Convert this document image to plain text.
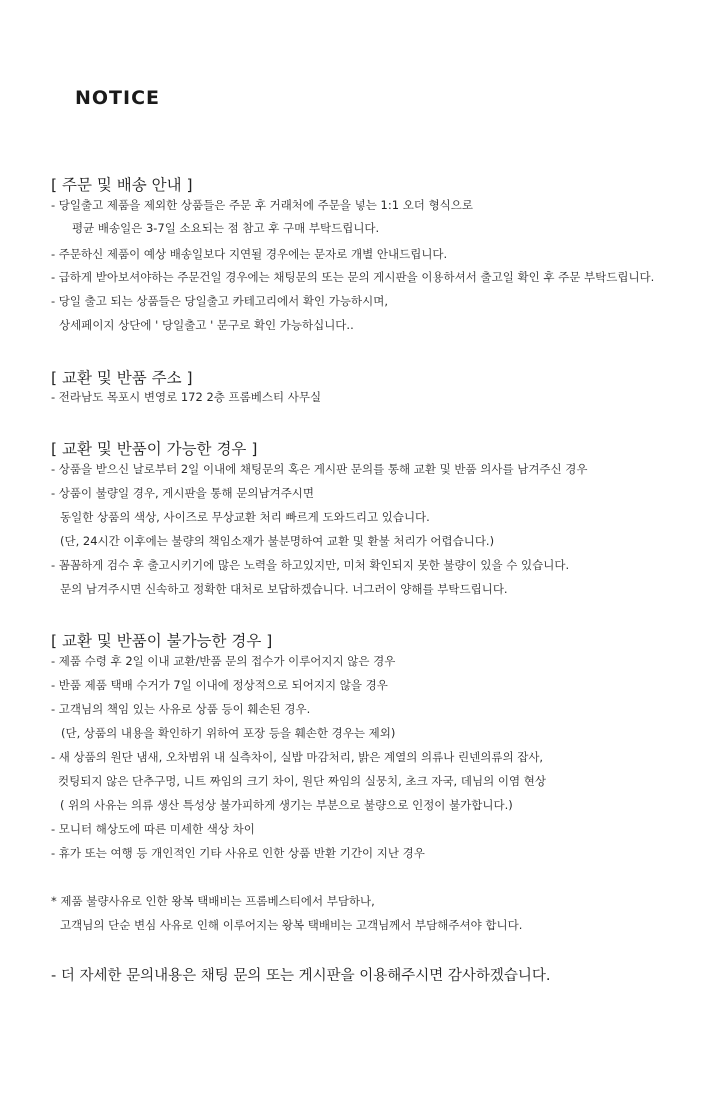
NOTICE
[ 주문 및 배송 안내 ]
- 당일출고 제품을 제외한 상품들은 주문 후 거래처에 주문을 넣는 1:1 오더 형식으로
평균 배송일은 3-7일 소요되는 점 참고 후 구매 부탁드립니다.
- 주문하신 제품이 예상 배송일보다 지연될 경우에는 문자로 개별 안내드립니다.
- 급하게 받아보셔야하는 주문건일 경우에는 채팅문의 또는 문의 게시판을 이용하셔서 출고일 확인 후 주문 부탁드립니다.
- 당일 출고 되는 상품들은 당일출고 카테고리에서 확인 가능하시며,
상세페이지 상단에 ' 당일출고 ' 문구로 확인 가능하십니다..
[ 교환 및 반품 주소 ]
- 전라남도 목포시 변영로 172 2층 프롬베스티 사무실
[ 교환 및 반품이 가능한 경우 ]
- 상품을 받으신 날로부터 2일 이내에 채팅문의 혹은 게시판 문의를 통해 교환 및 반품 의사를 남겨주신 경우
- 상품이 불량일 경우, 게시판을 통해 문의남겨주시면
동일한 상품의 색상, 사이즈로 무상교환 처리 빠르게 도와드리고 있습니다.
(단, 24시간 이후에는 불량의 책임소재가 불분명하여 교환 및 환불 처리가 어렵습니다.)
- 꼼꼼하게 검수 후 출고시키기에 많은 노력을 하고있지만, 미처 확인되지 못한 불량이 있을 수 있습니다.
문의 남겨주시면 신속하고 정확한 대처로 보답하겠습니다. 너그러이 양해를 부탁드립니다.
[ 교환 및 반품이 불가능한 경우 ]
- 제품 수령 후 2일 이내 교환/반품 문의 접수가 이루어지지 않은 경우
- 반품 제품 택배 수거가 7일 이내에 정상적으로 되어지지 않을 경우
- 고객님의 책임 있는 사유로 상품 등이 훼손된 경우.
(단, 상품의 내용을 확인하기 위하여 포장 등을 훼손한 경우는 제외)
- 새 상품의 원단 냄새, 오차범위 내 실측차이, 실밥 마감처리, 밝은 계열의 의류나 린넨의류의 잡사,
컷팅되지 않은 단추구멍, 니트 짜임의 크기 차이, 원단 짜임의 실뭉치, 초크 자국, 데님의 이염 현상
( 위의 사유는 의류 생산 특성상 불가피하게 생기는 부분으로 불량으로 인정이 불가합니다.)
- 모니터 해상도에 따른 미세한 색상 차이
- 휴가 또는 여행 등 개인적인 기타 사유로 인한 상품 반환 기간이 지난 경우
* 제품 불량사유로 인한 왕복 택배비는 프롬베스티에서 부담하나,
고객님의 단순 변심 사유로 인해 이루어지는 왕복 택배비는 고객님께서 부담해주셔야 합니다.
- 더 자세한 문의내용은 채팅 문의 또는 게시판을 이용해주시면 감사하겠습니다.
